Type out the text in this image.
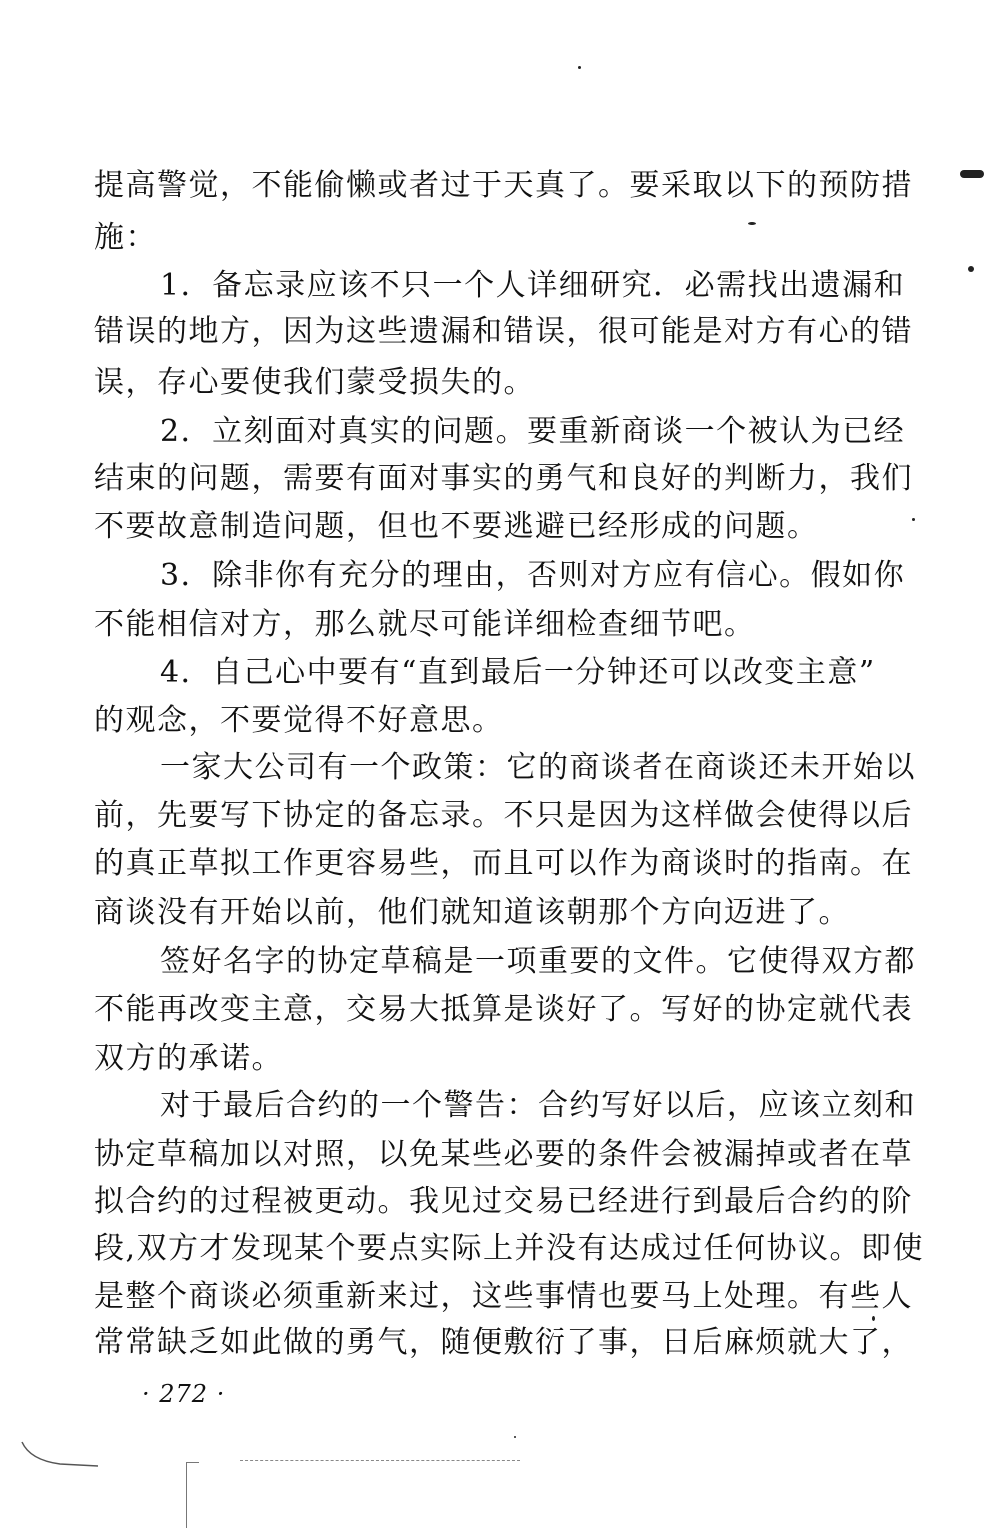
提高警觉，不能偷懒或者过于天真了。要采取以下的预防措
施：
1．备忘录应该不只一个人详细研究．必需找出遗漏和
错误的地方，因为这些遗漏和错误，很可能是对方有心的错
误，存心要使我们蒙受损失的。
2．立刻面对真实的问题。要重新商谈一个被认为已经
结束的问题，需要有面对事实的勇气和良好的判断力，我们
不要故意制造问题，但也不要逃避已经形成的问题。
3．除非你有充分的理由，否则对方应有信心。假如你
不能相信对方，那么就尽可能详细检查细节吧。
4．自己心中要有“直到最后一分钟还可以改变主意”
的观念，不要觉得不好意思。
一家大公司有一个政策：它的商谈者在商谈还未开始以
前，先要写下协定的备忘录。不只是因为这样做会使得以后
的真正草拟工作更容易些，而且可以作为商谈时的指南。在
商谈没有开始以前，他们就知道该朝那个方向迈进了。
签好名字的协定草稿是一项重要的文件。它使得双方都
不能再改变主意，交易大抵算是谈好了。写好的协定就代表
双方的承诺。
对于最后合约的一个警告：合约写好以后，应该立刻和
协定草稿加以对照，以免某些必要的条件会被漏掉或者在草
拟合约的过程被更动。我见过交易已经进行到最后合约的阶
段,双方才发现某个要点实际上并没有达成过任何协议。即使
是整个商谈必须重新来过，这些事情也要马上处理。有些人
常常缺乏如此做的勇气，随便敷衍了事，日后麻烦就大了，
· 272 ·
